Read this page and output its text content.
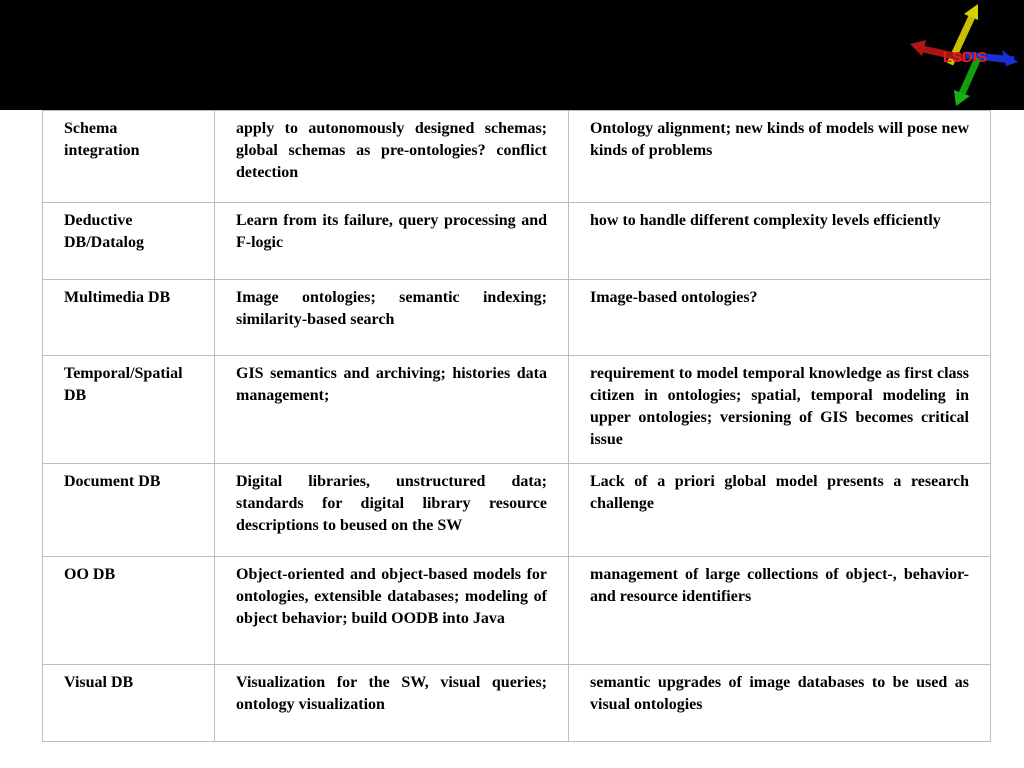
LSDIS
Schema integration	apply to autonomously designed schemas; global schemas as pre-ontologies? conflict detection	Ontology alignment; new kinds of models will pose new kinds of problems
Deductive DB/Datalog	Learn from its failure, query processing and F-logic	how to handle different complexity levels efficiently
Multimedia DB	Image ontologies; semantic indexing; similarity-based search	Image-based ontologies?
Temporal/Spatial DB	GIS semantics and archiving; histories data management;	requirement to model temporal knowledge as first class citizen in ontologies; spatial, temporal modeling in upper ontologies; versioning of GIS becomes critical issue
Document DB	Digital libraries, unstructured data; standards for digital library resource descriptions to beused on the SW	Lack of a priori global model presents a research challenge
OO DB	Object-oriented and object-based models for ontologies, extensible databases; modeling of object behavior; build OODB into Java	management of large collections of object-, behavior- and resource identifiers
Visual DB	Visualization for the SW, visual queries; ontology visualization	semantic upgrades of image databases to be used as visual ontologies
